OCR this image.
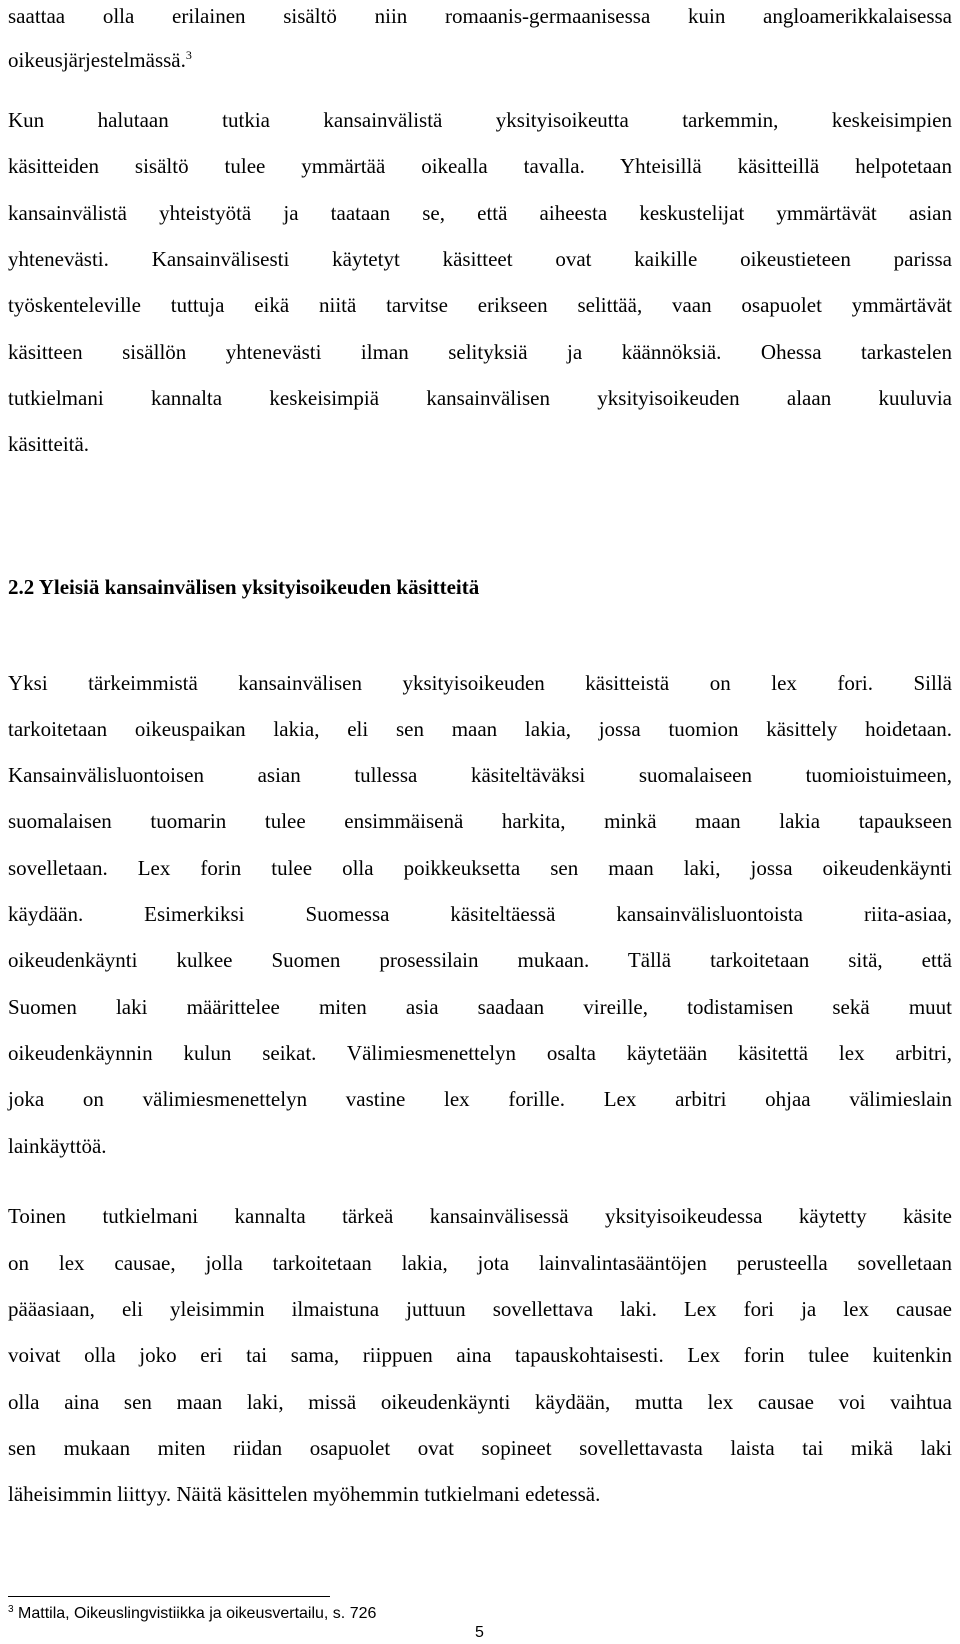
saattaa olla erilainen sisältö niin romaanis-germaanisessa kuin angloamerikkalaisessa
oikeusjärjestelmässä.$^3$
Kun halutaan tutkia kansainvälistä yksityisoikeutta tarkemmin, keskeisimpien
käsitteiden sisältö tulee ymmärtää oikealla tavalla. Yhteisillä käsitteillä helpotetaan
kansainvälistä yhteistyötä ja taataan se, että aiheesta keskustelijat ymmärtävät asian
yhtenevästi. Kansainvälisesti käytetyt käsitteet ovat kaikille oikeustieteen parissa
työskenteleville tuttuja eikä niitä tarvitse erikseen selittää, vaan osapuolet ymmärtävät
käsitteen sisällön yhtenevästi ilman selityksiä ja käännöksiä. Ohessa tarkastelen
tutkielmani kannalta keskeisimpiä kansainvälisen yksityisoikeuden alaan kuuluvia
käsitteitä.
2.2 Yleisiä kansainvälisen yksityisoikeuden käsitteitä
Yksi tärkeimmistä kansainvälisen yksityisoikeuden käsitteistä on lex fori. Sillä
tarkoitetaan oikeuspaikan lakia, eli sen maan lakia, jossa tuomion käsittely hoidetaan.
Kansainvälisluontoisen asian tullessa käsiteltäväksi suomalaiseen tuomioistuimeen,
suomalaisen tuomarin tulee ensimmäisenä harkita, minkä maan lakia tapaukseen
sovelletaan. Lex forin tulee olla poikkeuksetta sen maan laki, jossa oikeudenkäynti
käydään. Esimerkiksi Suomessa käsiteltäessä kansainvälisluontoista riita-asiaa,
oikeudenkäynti kulkee Suomen prosessilain mukaan. Tällä tarkoitetaan sitä, että
Suomen laki määrittelee miten asia saadaan vireille, todistamisen sekä muut
oikeudenkäynnin kulun seikat. Välimiesmenettelyn osalta käytetään käsitettä lex arbitri,
joka on välimiesmenettelyn vastine lex forille. Lex arbitri ohjaa välimieslain
lainkäyttöä.
Toinen tutkielmani kannalta tärkeä kansainvälisessä yksityisoikeudessa käytetty käsite
on lex causae, jolla tarkoitetaan lakia, jota lainvalintasääntöjen perusteella sovelletaan
pääasiaan, eli yleisimmin ilmaistuna juttuun sovellettava laki. Lex fori ja lex causae
voivat olla joko eri tai sama, riippuen aina tapauskohtaisesti. Lex forin tulee kuitenkin
olla aina sen maan laki, missä oikeudenkäynti käydään, mutta lex causae voi vaihtua
sen mukaan miten riidan osapuolet ovat sopineet sovellettavasta laista tai mikä laki
läheisimmin liittyy. Näitä käsittelen myöhemmin tutkielmani edetessä.
$^3$ Mattila, Oikeuslingvistiikka ja oikeusvertailu, s. 726
5
